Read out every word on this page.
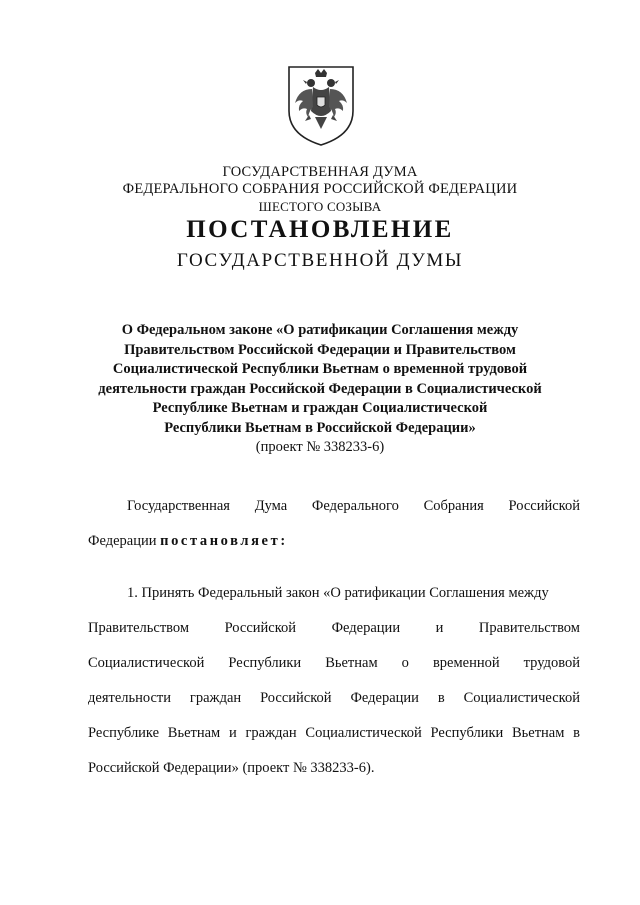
ГОСУДАРСТВЕННАЯ ДУМА
ФЕДЕРАЛЬНОГО СОБРАНИЯ РОССИЙСКОЙ ФЕДЕРАЦИИ
ШЕСТОГО СОЗЫВА
ПОСТАНОВЛЕНИЕ
ГОСУДАРСТВЕННОЙ ДУМЫ
О Федеральном законе «О ратификации Соглашения между
Правительством Российской Федерации и Правительством
Социалистической Республики Вьетнам о временной трудовой
деятельности граждан Российской Федерации в Социалистической
Республике Вьетнам и граждан Социалистической
Республики Вьетнам в Российской Федерации»
(проект № 338233-6)
Государственная Дума Федерального Собрания Российской
Федерации постановляет:
1. Принять Федеральный закон «О ратификации Соглашения между
Правительством Российской Федерации и Правительством
Социалистической Республики Вьетнам о временной трудовой
деятельности граждан Российской Федерации в Социалистической
Республике Вьетнам и граждан Социалистической Республики Вьетнам в
Российской Федерации» (проект № 338233-6).
